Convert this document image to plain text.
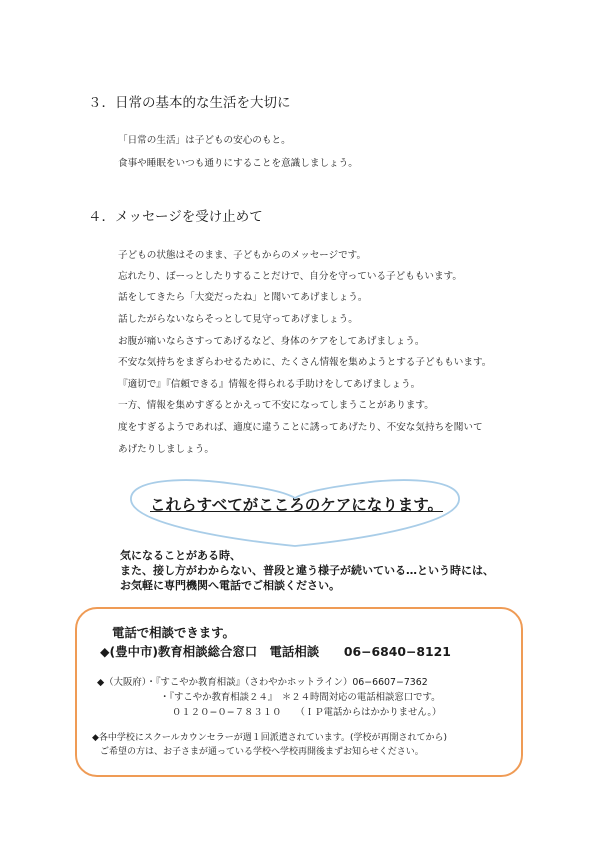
３．日常の基本的な生活を大切に
「日常の生活」は子どもの安心のもと。
食事や睡眠をいつも通りにすることを意識しましょう。
４．メッセージを受け止めて
子どもの状態はそのまま、子どもからのメッセージです。
忘れたり、ぼーっとしたりすることだけで、自分を守っている子どももいます。
話をしてきたら「大変だったね」と聞いてあげましょう。
話したがらないならそっとして見守ってあげましょう。
お腹が痛いならさすってあげるなど、身体のケアをしてあげましょう。
不安な気持ちをまぎらわせるために、たくさん情報を集めようとする子どももいます。
『適切で』『信頼できる』情報を得られる手助けをしてあげましょう。
一方、情報を集めすぎるとかえって不安になってしまうことがあります。
度をすぎるようであれば、適度に違うことに誘ってあげたり、不安な気持ちを聞いて
あげたりしましょう。
これらすべてがこころのケアになります。
気になることがある時、
また、接し方がわからない、普段と違う様子が続いている…という時には、
お気軽に専門機関へ電話でご相談ください。
電話で相談できます。
◆(豊中市)教育相談総合窓口　電話相談　　06−6840−8121
◆（大阪府）・『すこやか教育相談』（さわやかホットライン）06−6607−7362
・『すこやか教育相談２４』　＊２４時間対応の電話相談窓口です。
０１２０−０−７８３１０　　（ＩＰ電話からはかかりません。）
◆各中学校にスクールカウンセラーが週１回派遣されています。(学校が再開されてから)
ご希望の方は、お子さまが通っている学校へ学校再開後まずお知らせください。
